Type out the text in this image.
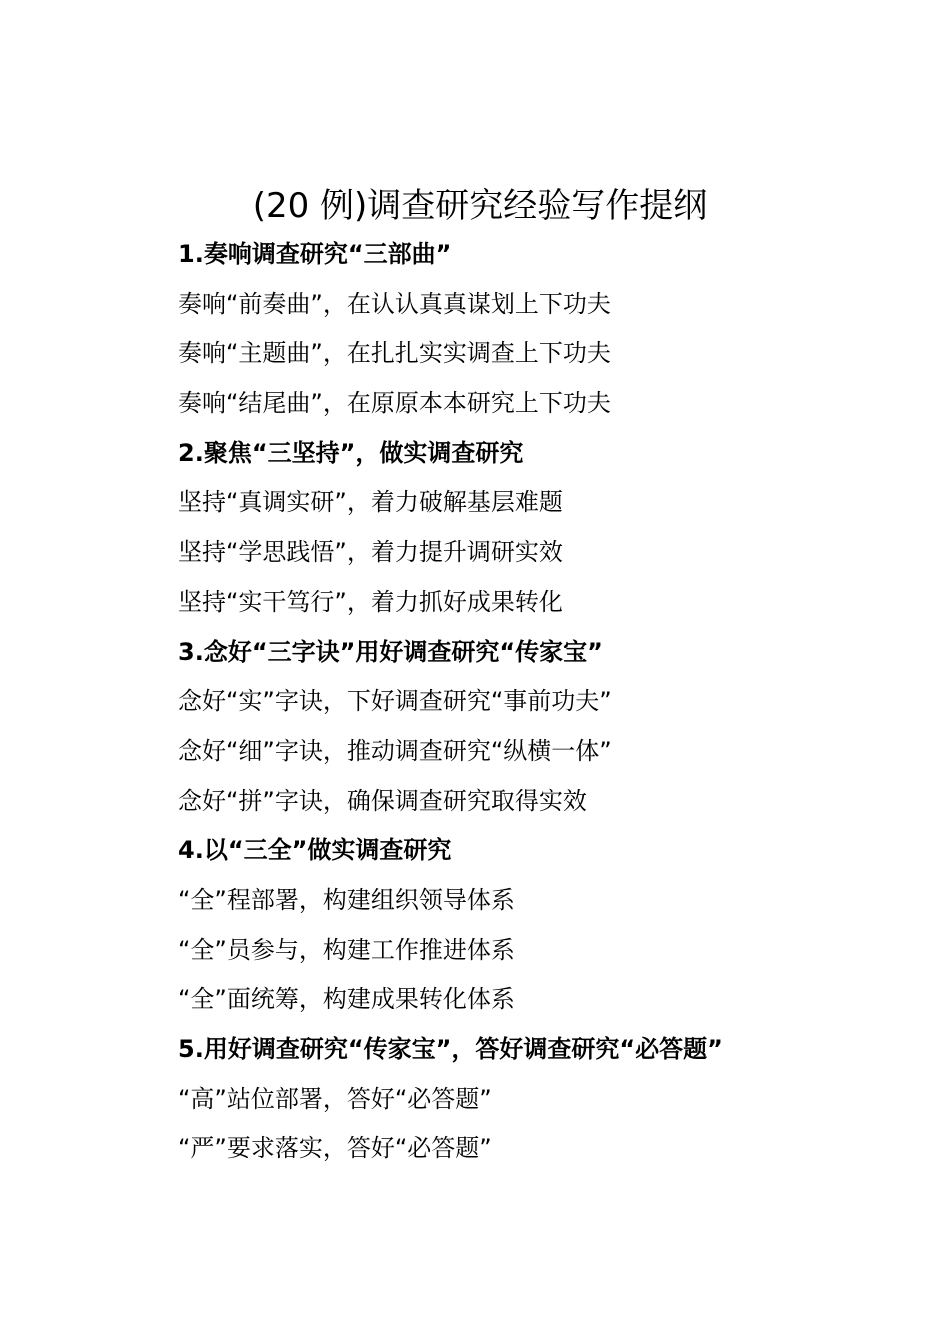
(20 例)调查研究经验写作提纲

1.奏响调查研究“三部曲”

奏响“前奏曲”，在认认真真谋划上下功夫

奏响“主题曲”，在扎扎实实调查上下功夫

奏响“结尾曲”，在原原本本研究上下功夫

2.聚焦“三坚持”，做实调查研究

坚持“真调实研”，着力破解基层难题

坚持“学思践悟”，着力提升调研实效

坚持“实干笃行”，着力抓好成果转化

3.念好“三字诀”用好调查研究“传家宝”

念好“实”字诀，下好调查研究“事前功夫”

念好“细”字诀，推动调查研究“纵横一体”

念好“拼”字诀，确保调查研究取得实效

4.以“三全”做实调查研究

“全”程部署，构建组织领导体系

“全”员参与，构建工作推进体系

“全”面统筹，构建成果转化体系

5.用好调查研究“传家宝”，答好调查研究“必答题”

“高”站位部署，答好“必答题”

“严”要求落实，答好“必答题”
